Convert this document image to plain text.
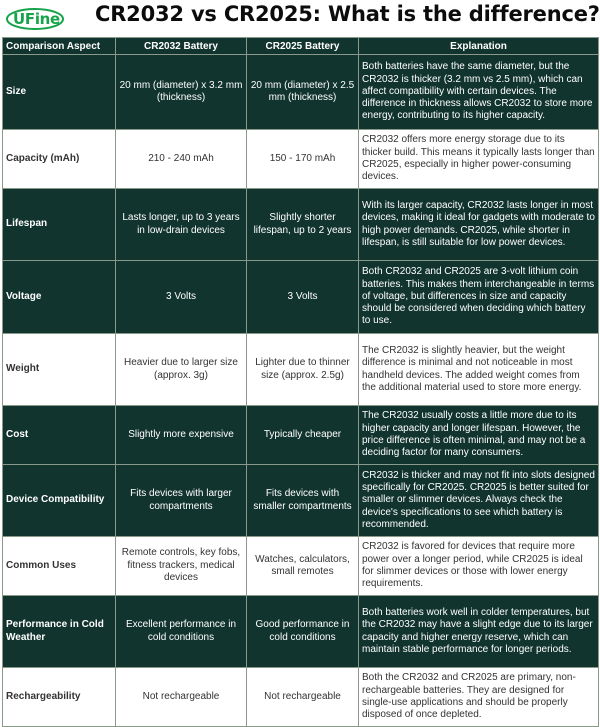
UFine CR2032 vs CR2025: What is the difference?
Comparison Aspect	CR2032 Battery	CR2025 Battery	Explanation
Size	20 mm (diameter) x 3.2 mm (thickness)	20 mm (diameter) x 2.5 mm (thickness)	Both batteries have the same diameter, but the CR2032 is thicker (3.2 mm vs 2.5 mm), which can affect compatibility with certain devices. The difference in thickness allows CR2032 to store more energy, contributing to its higher capacity.
Capacity (mAh)	210 - 240 mAh	150 - 170 mAh	CR2032 offers more energy storage due to its thicker build. This means it typically lasts longer than CR2025, especially in higher power-consuming devices.
Lifespan	Lasts longer, up to 3 years in low-drain devices	Slightly shorter lifespan, up to 2 years	With its larger capacity, CR2032 lasts longer in most devices, making it ideal for gadgets with moderate to high power demands. CR2025, while shorter in lifespan, is still suitable for low power devices.
Voltage	3 Volts	3 Volts	Both CR2032 and CR2025 are 3-volt lithium coin batteries. This makes them interchangeable in terms of voltage, but differences in size and capacity should be considered when deciding which battery to use.
Weight	Heavier due to larger size (approx. 3g)	Lighter due to thinner size (approx. 2.5g)	The CR2032 is slightly heavier, but the weight difference is minimal and not noticeable in most handheld devices. The added weight comes from the additional material used to store more energy.
Cost	Slightly more expensive	Typically cheaper	The CR2032 usually costs a little more due to its higher capacity and longer lifespan. However, the price difference is often minimal, and may not be a deciding factor for many consumers.
Device Compatibility	Fits devices with larger compartments	Fits devices with smaller compartments	CR2032 is thicker and may not fit into slots designed specifically for CR2025. CR2025 is better suited for smaller or slimmer devices. Always check the device's specifications to see which battery is recommended.
Common Uses	Remote controls, key fobs, fitness trackers, medical devices	Watches, calculators, small remotes	CR2032 is favored for devices that require more power over a longer period, while CR2025 is ideal for slimmer devices or those with lower energy requirements.
Performance in Cold Weather	Excellent performance in cold conditions	Good performance in cold conditions	Both batteries work well in colder temperatures, but the CR2032 may have a slight edge due to its larger capacity and higher energy reserve, which can maintain stable performance for longer periods.
Rechargeability	Not rechargeable	Not rechargeable	Both the CR2032 and CR2025 are primary, non-rechargeable batteries. They are designed for single-use applications and should be properly disposed of once depleted.
